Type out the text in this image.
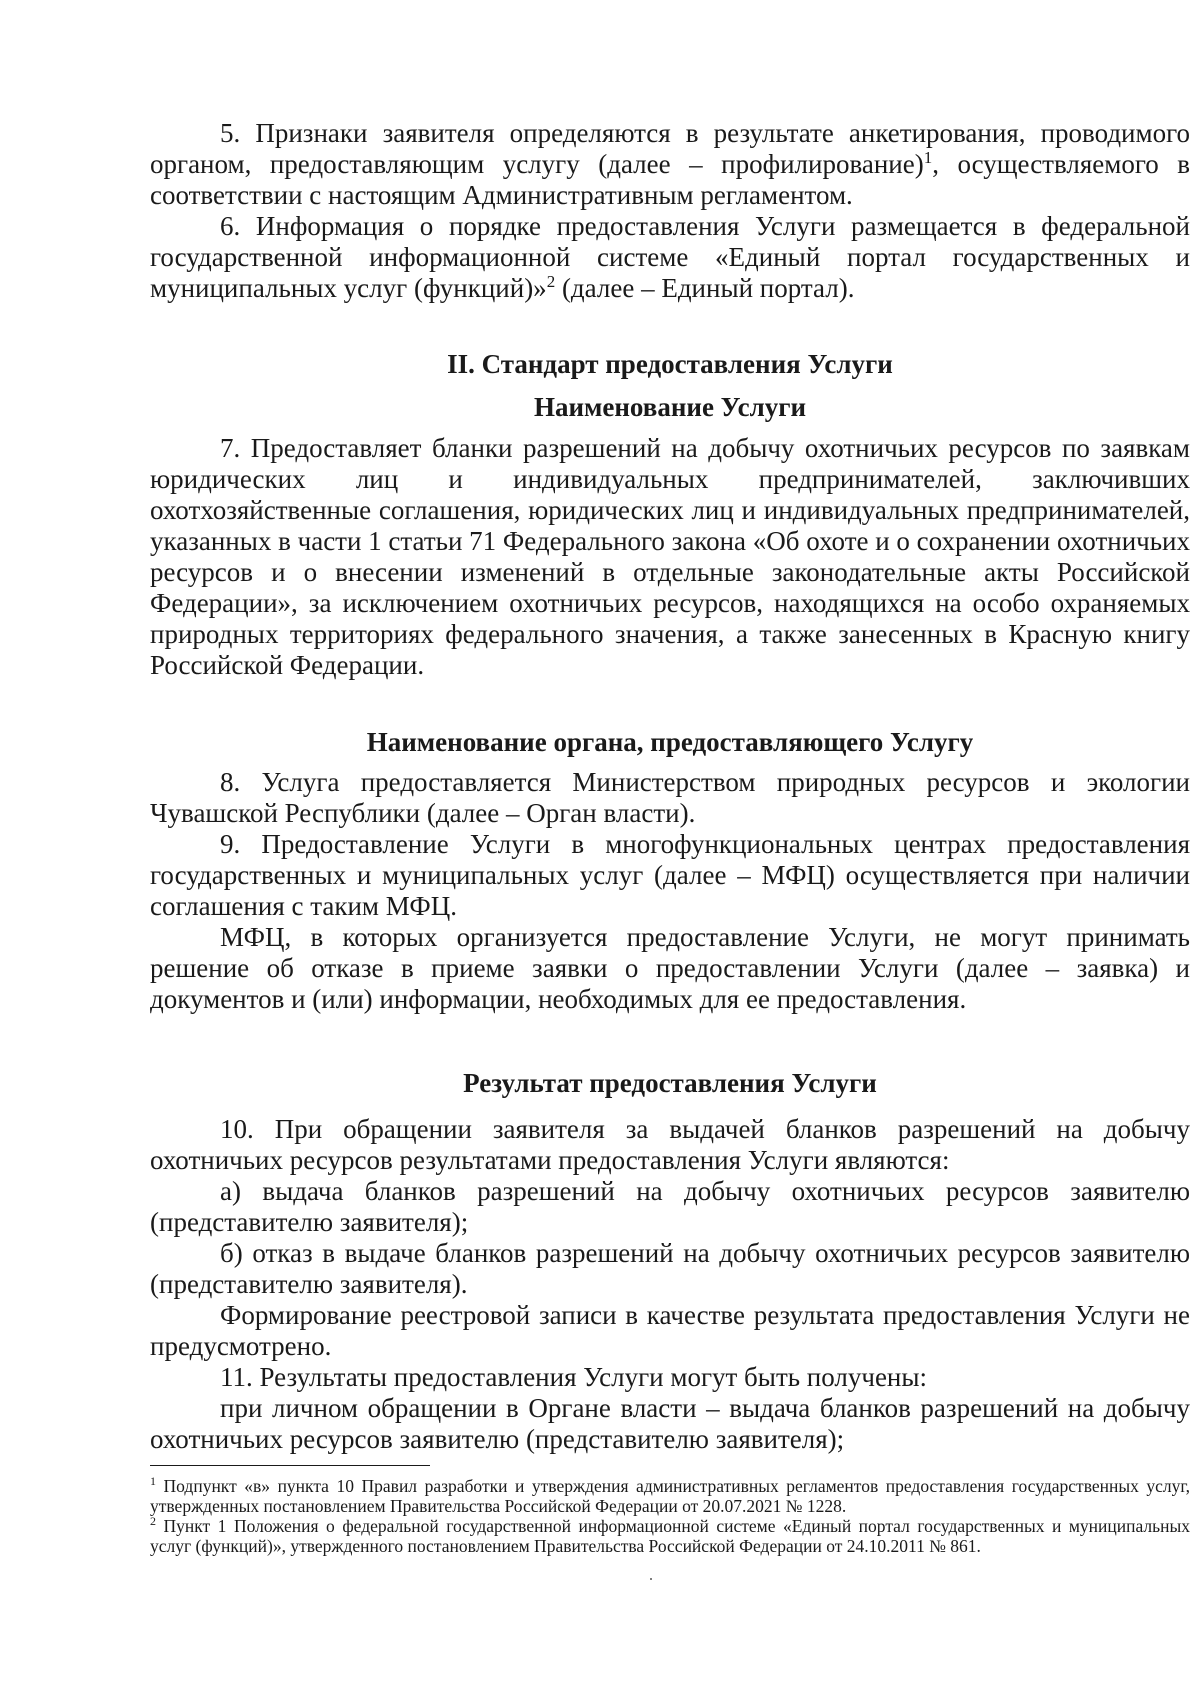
5. Признаки заявителя определяются в результате анкетирования, проводимого органом, предоставляющим услугу (далее – профилирование)$^1$, осуществляемого в соответствии с настоящим Административным регламентом.

6. Информация о порядке предоставления Услуги размещается в федеральной государственной информационной системе «Единый портал государственных и муниципальных услуг (функций)»$^2$ (далее – Единый портал).

II. Стандарт предоставления Услуги
Наименование Услуги

7. Предоставляет бланки разрешений на добычу охотничьих ресурсов по заявкам юридических лиц и индивидуальных предпринимателей, заключивших охотхозяйственные соглашения, юридических лиц и индивидуальных предпринимателей, указанных в части 1 статьи 71 Федерального закона «Об охоте и о сохранении охотничьих ресурсов и о внесении изменений в отдельные законодательные акты Российской Федерации», за исключением охотничьих ресурсов, находящихся на особо охраняемых природных территориях федерального значения, а также занесенных в Красную книгу Российской Федерации.

Наименование органа, предоставляющего Услугу

8. Услуга предоставляется Министерством природных ресурсов и экологии Чувашской Республики (далее – Орган власти).

9. Предоставление Услуги в многофункциональных центрах предоставления государственных и муниципальных услуг (далее – МФЦ) осуществляется при наличии соглашения с таким МФЦ.

МФЦ, в которых организуется предоставление Услуги, не могут принимать решение об отказе в приеме заявки о предоставлении Услуги (далее – заявка) и документов и (или) информации, необходимых для ее предоставления.

Результат предоставления Услуги

10. При обращении заявителя за выдачей бланков разрешений на добычу охотничьих ресурсов результатами предоставления Услуги являются:

а) выдача бланков разрешений на добычу охотничьих ресурсов заявителю (представителю заявителя);

б) отказ в выдаче бланков разрешений на добычу охотничьих ресурсов заявителю (представителю заявителя).

Формирование реестровой записи в качестве результата предоставления Услуги не предусмотрено.

11. Результаты предоставления Услуги могут быть получены:

при личном обращении в Органе власти – выдача бланков разрешений на добычу охотничьих ресурсов заявителю (представителю заявителя);

$^1$ Подпункт «в» пункта 10 Правил разработки и утверждения административных регламентов предоставления государственных услуг, утвержденных постановлением Правительства Российской Федерации от 20.07.2021 № 1228.

$^2$ Пункт 1 Положения о федеральной государственной информационной системе «Единый портал государственных и муниципальных услуг (функций)», утвержденного постановлением Правительства Российской Федерации от 24.10.2011 № 861.
